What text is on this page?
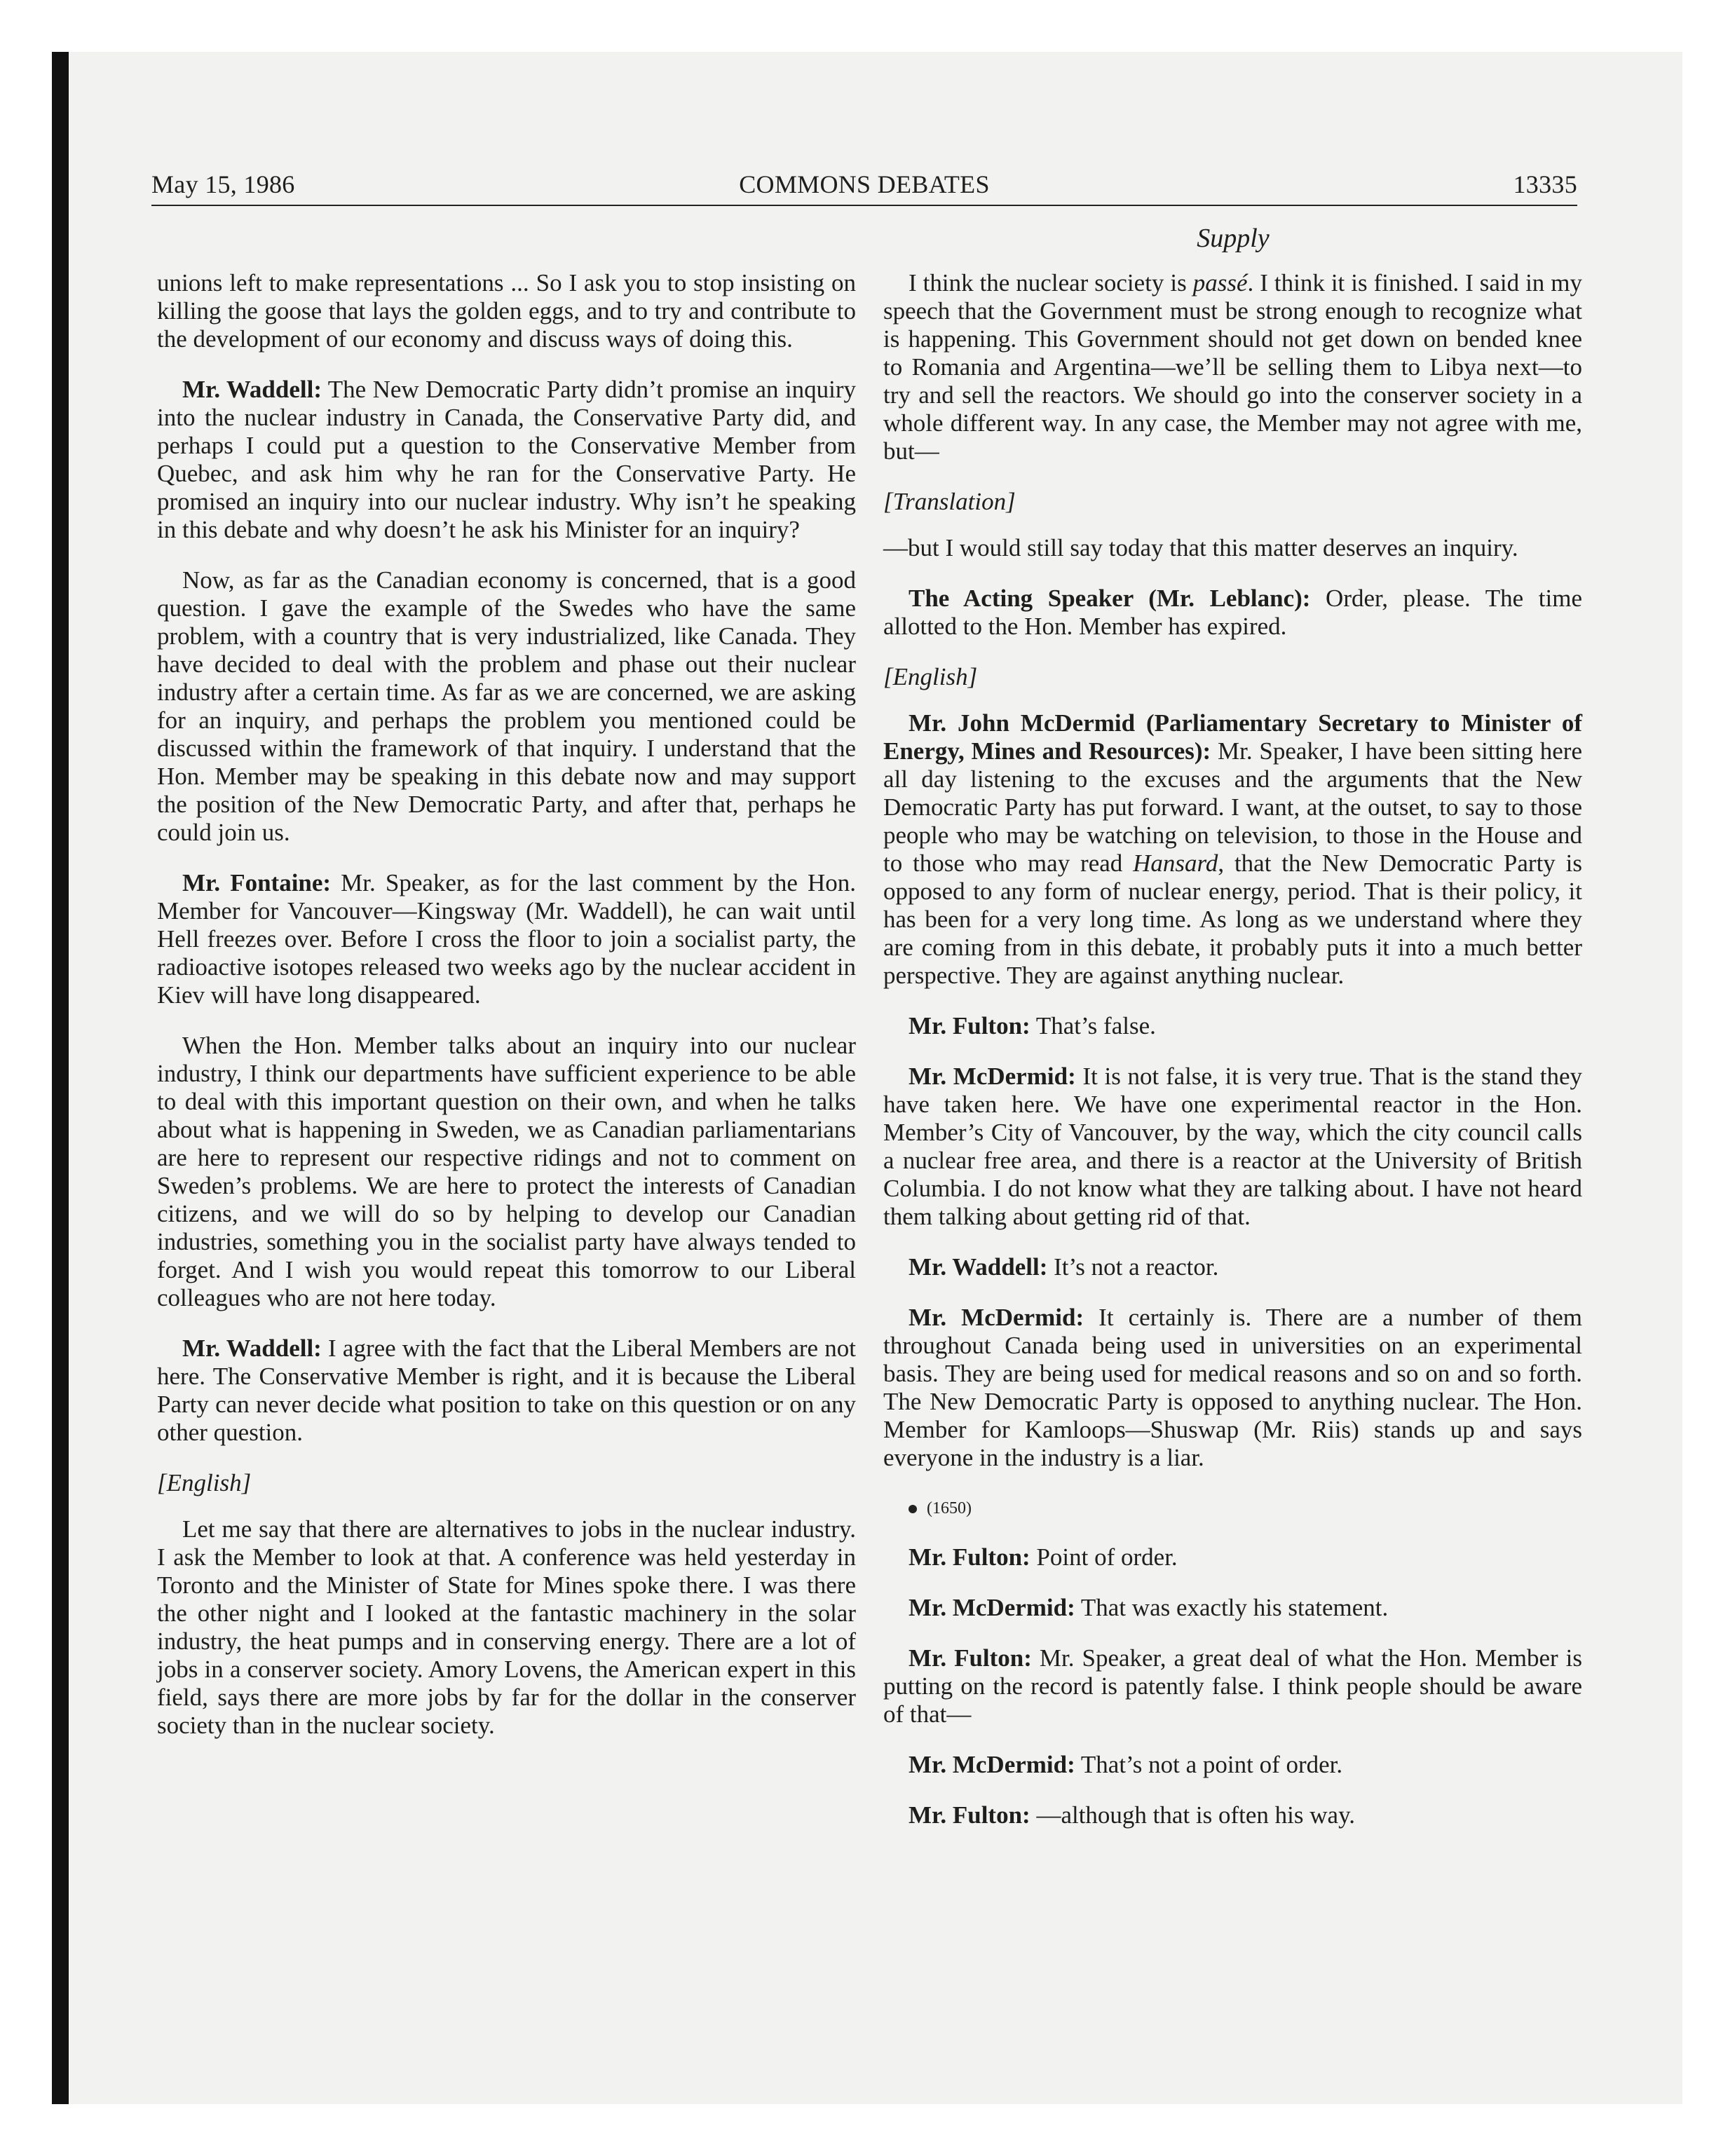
May 15, 1986	COMMONS DEBATES	13335
Supply

unions left to make representations ... So I ask you to stop insisting on killing the goose that lays the golden eggs, and to try and contribute to the development of our economy and discuss ways of doing this.

Mr. Waddell: The New Democratic Party didn’t promise an inquiry into the nuclear industry in Canada, the Conservative Party did, and perhaps I could put a question to the Conservative Member from Quebec, and ask him why he ran for the Conservative Party. He promised an inquiry into our nuclear industry. Why isn’t he speaking in this debate and why doesn’t he ask his Minister for an inquiry?

Now, as far as the Canadian economy is concerned, that is a good question. I gave the example of the Swedes who have the same problem, with a country that is very industrialized, like Canada. They have decided to deal with the problem and phase out their nuclear industry after a certain time. As far as we are concerned, we are asking for an inquiry, and perhaps the problem you mentioned could be discussed within the framework of that inquiry. I understand that the Hon. Member may be speaking in this debate now and may support the position of the New Democratic Party, and after that, perhaps he could join us.

Mr. Fontaine: Mr. Speaker, as for the last comment by the Hon. Member for Vancouver—Kingsway (Mr. Waddell), he can wait until Hell freezes over. Before I cross the floor to join a socialist party, the radioactive isotopes released two weeks ago by the nuclear accident in Kiev will have long disappeared.

When the Hon. Member talks about an inquiry into our nuclear industry, I think our departments have sufficient experience to be able to deal with this important question on their own, and when he talks about what is happening in Sweden, we as Canadian parliamentarians are here to represent our respective ridings and not to comment on Sweden’s problems. We are here to protect the interests of Canadian citizens, and we will do so by helping to develop our Canadian industries, something you in the socialist party have always tended to forget. And I wish you would repeat this tomorrow to our Liberal colleagues who are not here today.

Mr. Waddell: I agree with the fact that the Liberal Members are not here. The Conservative Member is right, and it is because the Liberal Party can never decide what position to take on this question or on any other question.

[English]

Let me say that there are alternatives to jobs in the nuclear industry. I ask the Member to look at that. A conference was held yesterday in Toronto and the Minister of State for Mines spoke there. I was there the other night and I looked at the fantastic machinery in the solar industry, the heat pumps and in conserving energy. There are a lot of jobs in a conserver society. Amory Lovens, the American expert in this field, says there are more jobs by far for the dollar in the conserver society than in the nuclear society.

I think the nuclear society is passé. I think it is finished. I said in my speech that the Government must be strong enough to recognize what is happening. This Government should not get down on bended knee to Romania and Argentina—we’ll be selling them to Libya next—to try and sell the reactors. We should go into the conserver society in a whole different way. In any case, the Member may not agree with me, but—

[Translation]

—but I would still say today that this matter deserves an inquiry.

The Acting Speaker (Mr. Leblanc): Order, please. The time allotted to the Hon. Member has expired.

[English]

Mr. John McDermid (Parliamentary Secretary to Minister of Energy, Mines and Resources): Mr. Speaker, I have been sitting here all day listening to the excuses and the arguments that the New Democratic Party has put forward. I want, at the outset, to say to those people who may be watching on television, to those in the House and to those who may read Hansard, that the New Democratic Party is opposed to any form of nuclear energy, period. That is their policy, it has been for a very long time. As long as we understand where they are coming from in this debate, it probably puts it into a much better perspective. They are against anything nuclear.

Mr. Fulton: That’s false.

Mr. McDermid: It is not false, it is very true. That is the stand they have taken here. We have one experimental reactor in the Hon. Member’s City of Vancouver, by the way, which the city council calls a nuclear free area, and there is a reactor at the University of British Columbia. I do not know what they are talking about. I have not heard them talking about getting rid of that.

Mr. Waddell: It’s not a reactor.

Mr. McDermid: It certainly is. There are a number of them throughout Canada being used in universities on an experimental basis. They are being used for medical reasons and so on and so forth. The New Democratic Party is opposed to anything nuclear. The Hon. Member for Kamloops—Shuswap (Mr. Riis) stands up and says everyone in the industry is a liar.

(1650)

Mr. Fulton: Point of order.

Mr. McDermid: That was exactly his statement.

Mr. Fulton: Mr. Speaker, a great deal of what the Hon. Member is putting on the record is patently false. I think people should be aware of that—

Mr. McDermid: That’s not a point of order.

Mr. Fulton: —although that is often his way.
